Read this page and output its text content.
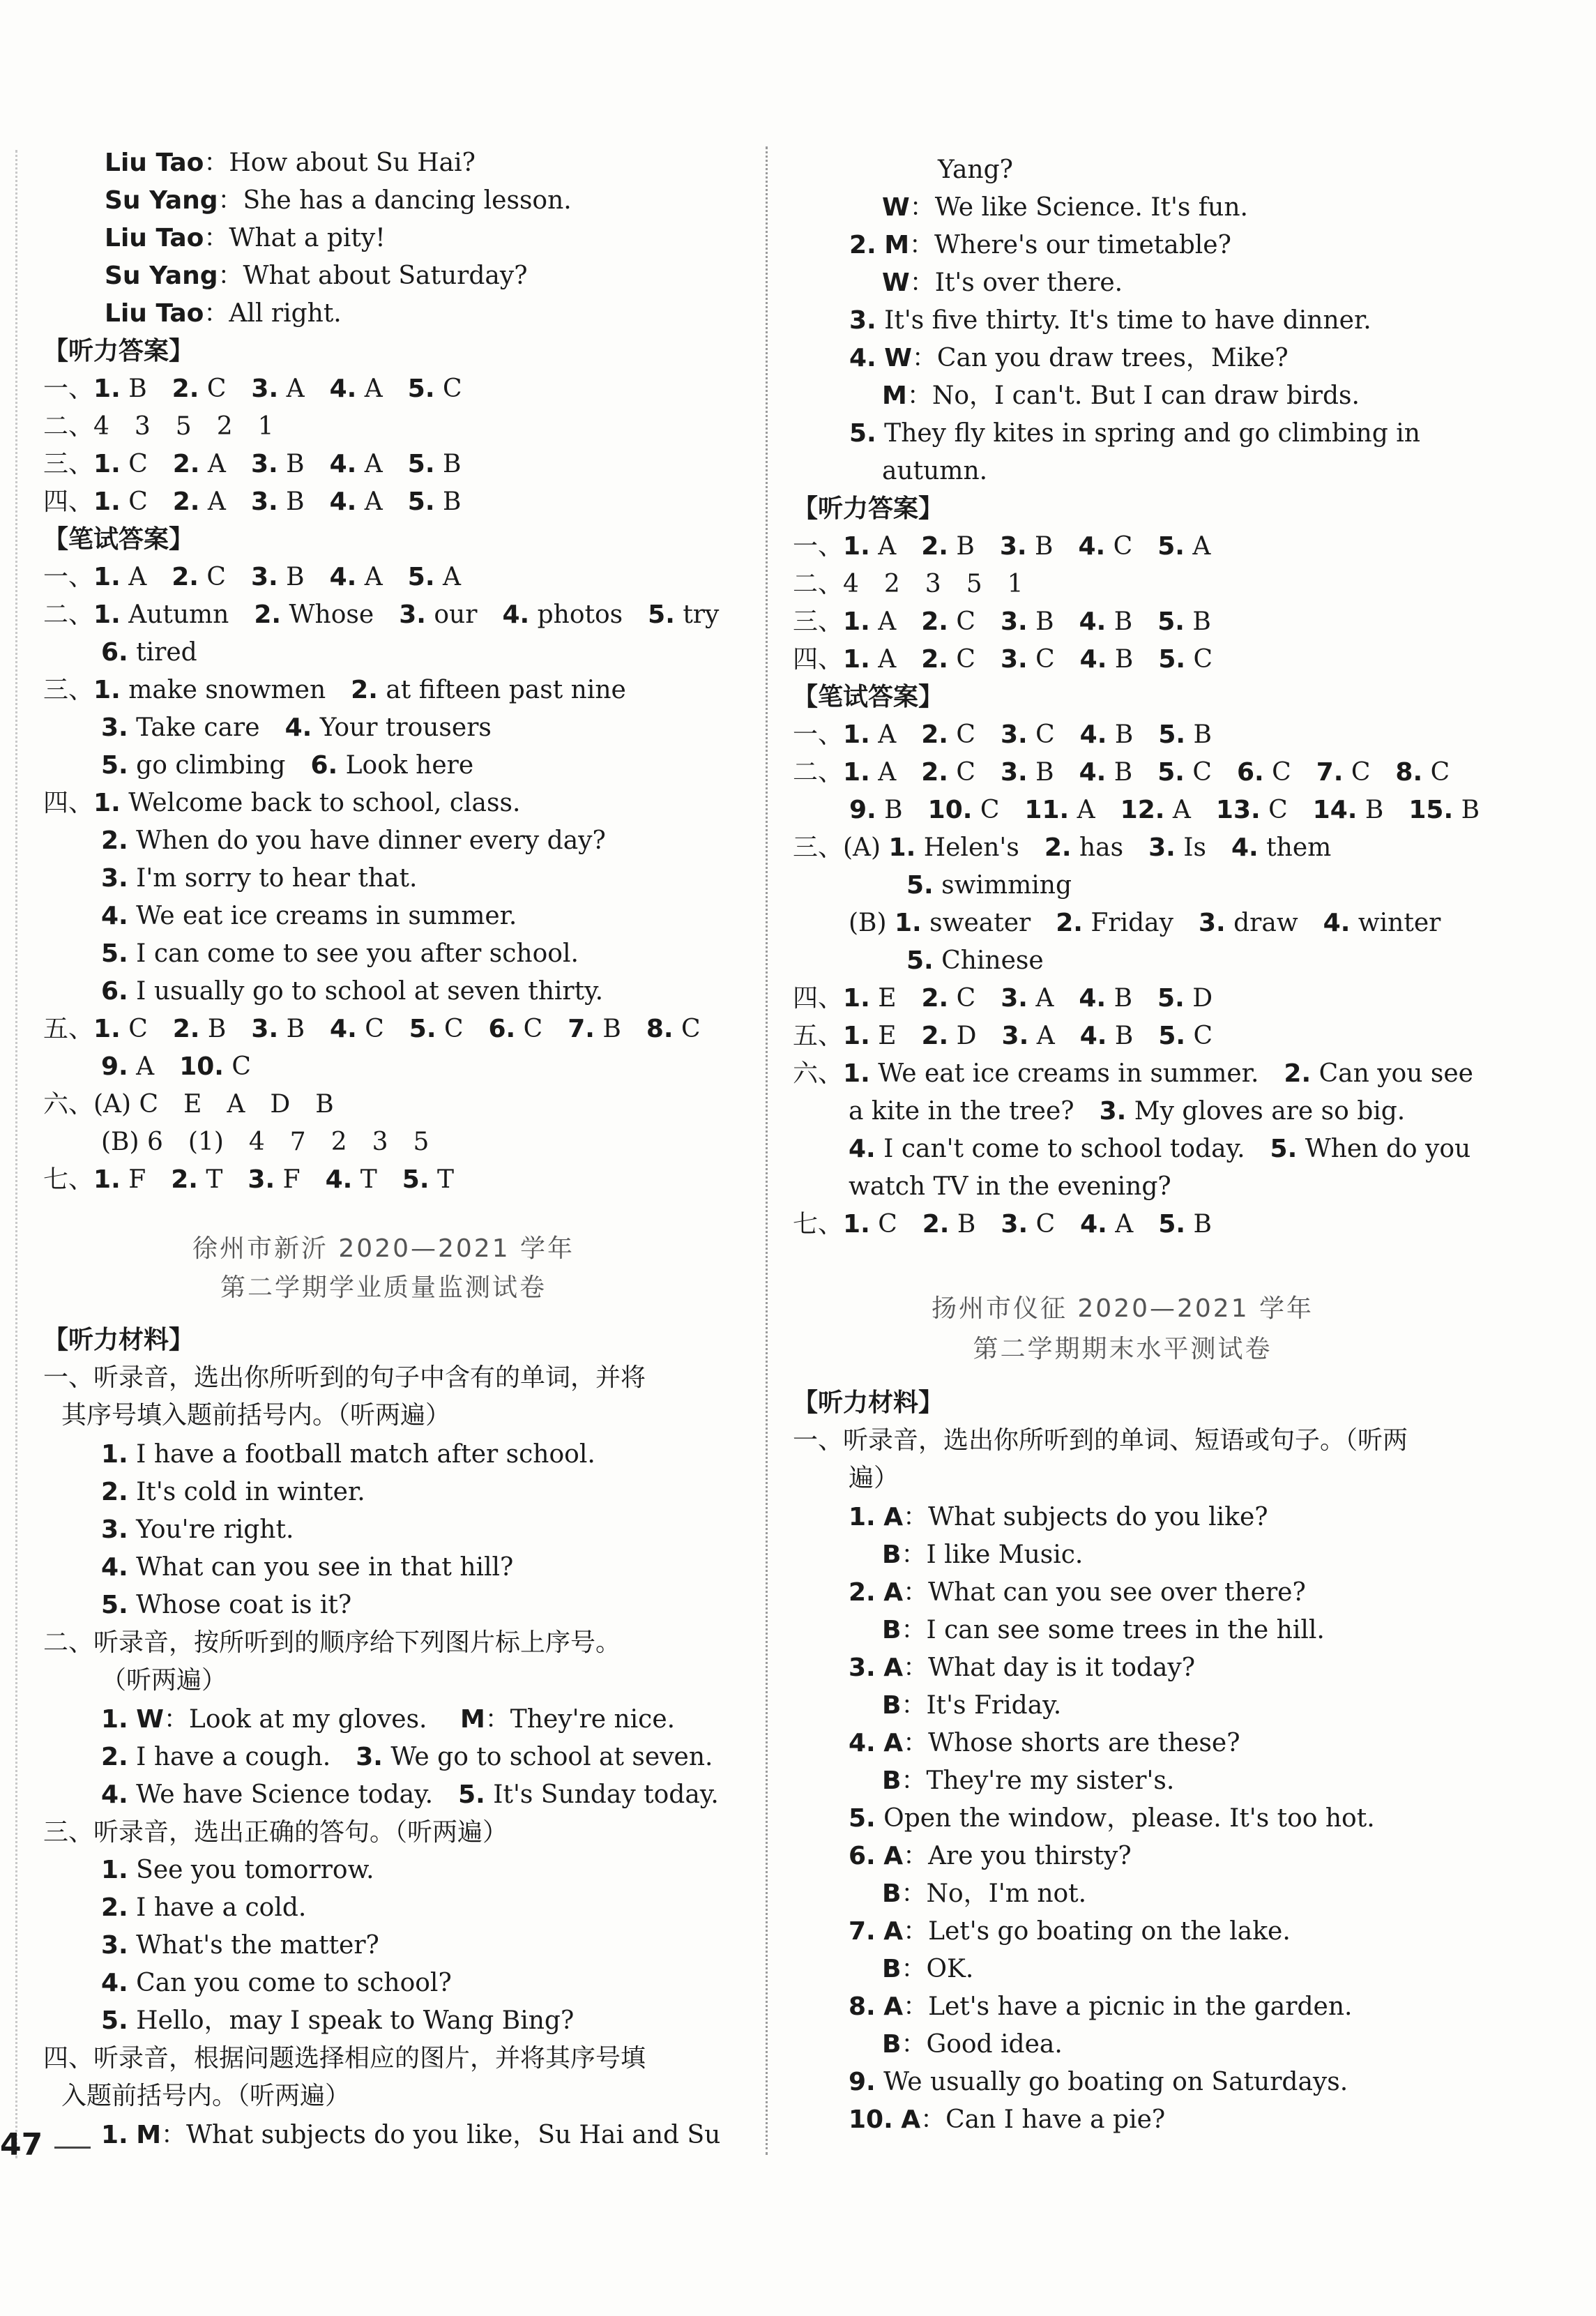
徐州市新沂 2020—2021 学年
第二学期学业质量监测试卷
Liu Tao：How about Su Hai?
Su Yang：She has a dancing lesson.
Liu Tao：What a pity!
Su Yang：What about Saturday?
Liu Tao：All right.
【听力答案】
一、1. B　2. C　3. A　4. A　5. C
二、4　3　5　2　1
三、1. C　2. A　3. B　4. A　5. B
四、1. C　2. A　3. B　4. A　5. B
【笔试答案】
一、1. A　2. C　3. B　4. A　5. A
二、1. Autumn　2. Whose　3. our　4. photos　5. try
6. tired
三、1. make snowmen　2. at fifteen past nine
3. Take care　4. Your trousers
5. go climbing　6. Look here
四、1. Welcome back to school, class.
2. When do you have dinner every day?
3. I'm sorry to hear that.
4. We eat ice creams in summer.
5. I can come to see you after school.
6. I usually go to school at seven thirty.
五、1. C　2. B　3. B　4. C　5. C　6. C　7. B　8. C
9. A　10. C
六、(A) C　E　A　D　B
(B) 6　(1)　4　7　2　3　5
七、1. F　2. T　3. F　4. T　5. T
【听力材料】
一、听录音，选出你所听到的句子中含有的单词，并将
其序号填入题前括号内。（听两遍）
1. I have a football match after school.
2. It's cold in winter.
3. You're right.
4. What can you see in that hill?
5. Whose coat is it?
二、听录音，按所听到的顺序给下列图片标上序号。
（听两遍）
1. W：Look at my gloves.　 M：They're nice.
2. I have a cough.　3. We go to school at seven.
4. We have Science today.　5. It's Sunday today.
三、听录音，选出正确的答句。（听两遍）
1. See you tomorrow.
2. I have a cold.
3. What's the matter?
4. Can you come to school?
5. Hello，may I speak to Wang Bing?
四、听录音，根据问题选择相应的图片，并将其序号填
入题前括号内。（听两遍）
1. M：What subjects do you like，Su Hai and Su
扬州市仪征 2020—2021 学年
第二学期期末水平测试卷
Yang?
W：We like Science. It's fun.
2. M：Where's our timetable?
W：It's over there.
3. It's five thirty. It's time to have dinner.
4. W：Can you draw trees，Mike?
M：No，I can't. But I can draw birds.
5. They fly kites in spring and go climbing in
autumn.
【听力答案】
一、1. A　2. B　3. B　4. C　5. A
二、4　2　3　5　1
三、1. A　2. C　3. B　4. B　5. B
四、1. A　2. C　3. C　4. B　5. C
【笔试答案】
一、1. A　2. C　3. C　4. B　5. B
二、1. A　2. C　3. B　4. B　5. C　6. C　7. C　8. C
9. B　10. C　11. A　12. A　13. C　14. B　15. B
三、(A) 1. Helen's　2. has　3. Is　4. them
5. swimming
(B) 1. sweater　2. Friday　3. draw　4. winter
5. Chinese
四、1. E　2. C　3. A　4. B　5. D
五、1. E　2. D　3. A　4. B　5. C
六、1. We eat ice creams in summer.　2. Can you see
a kite in the tree?　3. My gloves are so big.
4. I can't come to school today.　5. When do you
watch TV in the evening?
七、1. C　2. B　3. C　4. A　5. B
【听力材料】
一、听录音，选出你所听到的单词、短语或句子。（听两
遍）
1. A：What subjects do you like?
B：I like Music.
2. A：What can you see over there?
B：I can see some trees in the hill.
3. A：What day is it today?
B：It's Friday.
4. A：Whose shorts are these?
B：They're my sister's.
5. Open the window，please. It's too hot.
6. A：Are you thirsty?
B：No，I'm not.
7. A：Let's go boating on the lake.
B：OK.
8. A：Let's have a picnic in the garden.
B：Good idea.
9. We usually go boating on Saturdays.
10. A：Can I have a pie?
47
